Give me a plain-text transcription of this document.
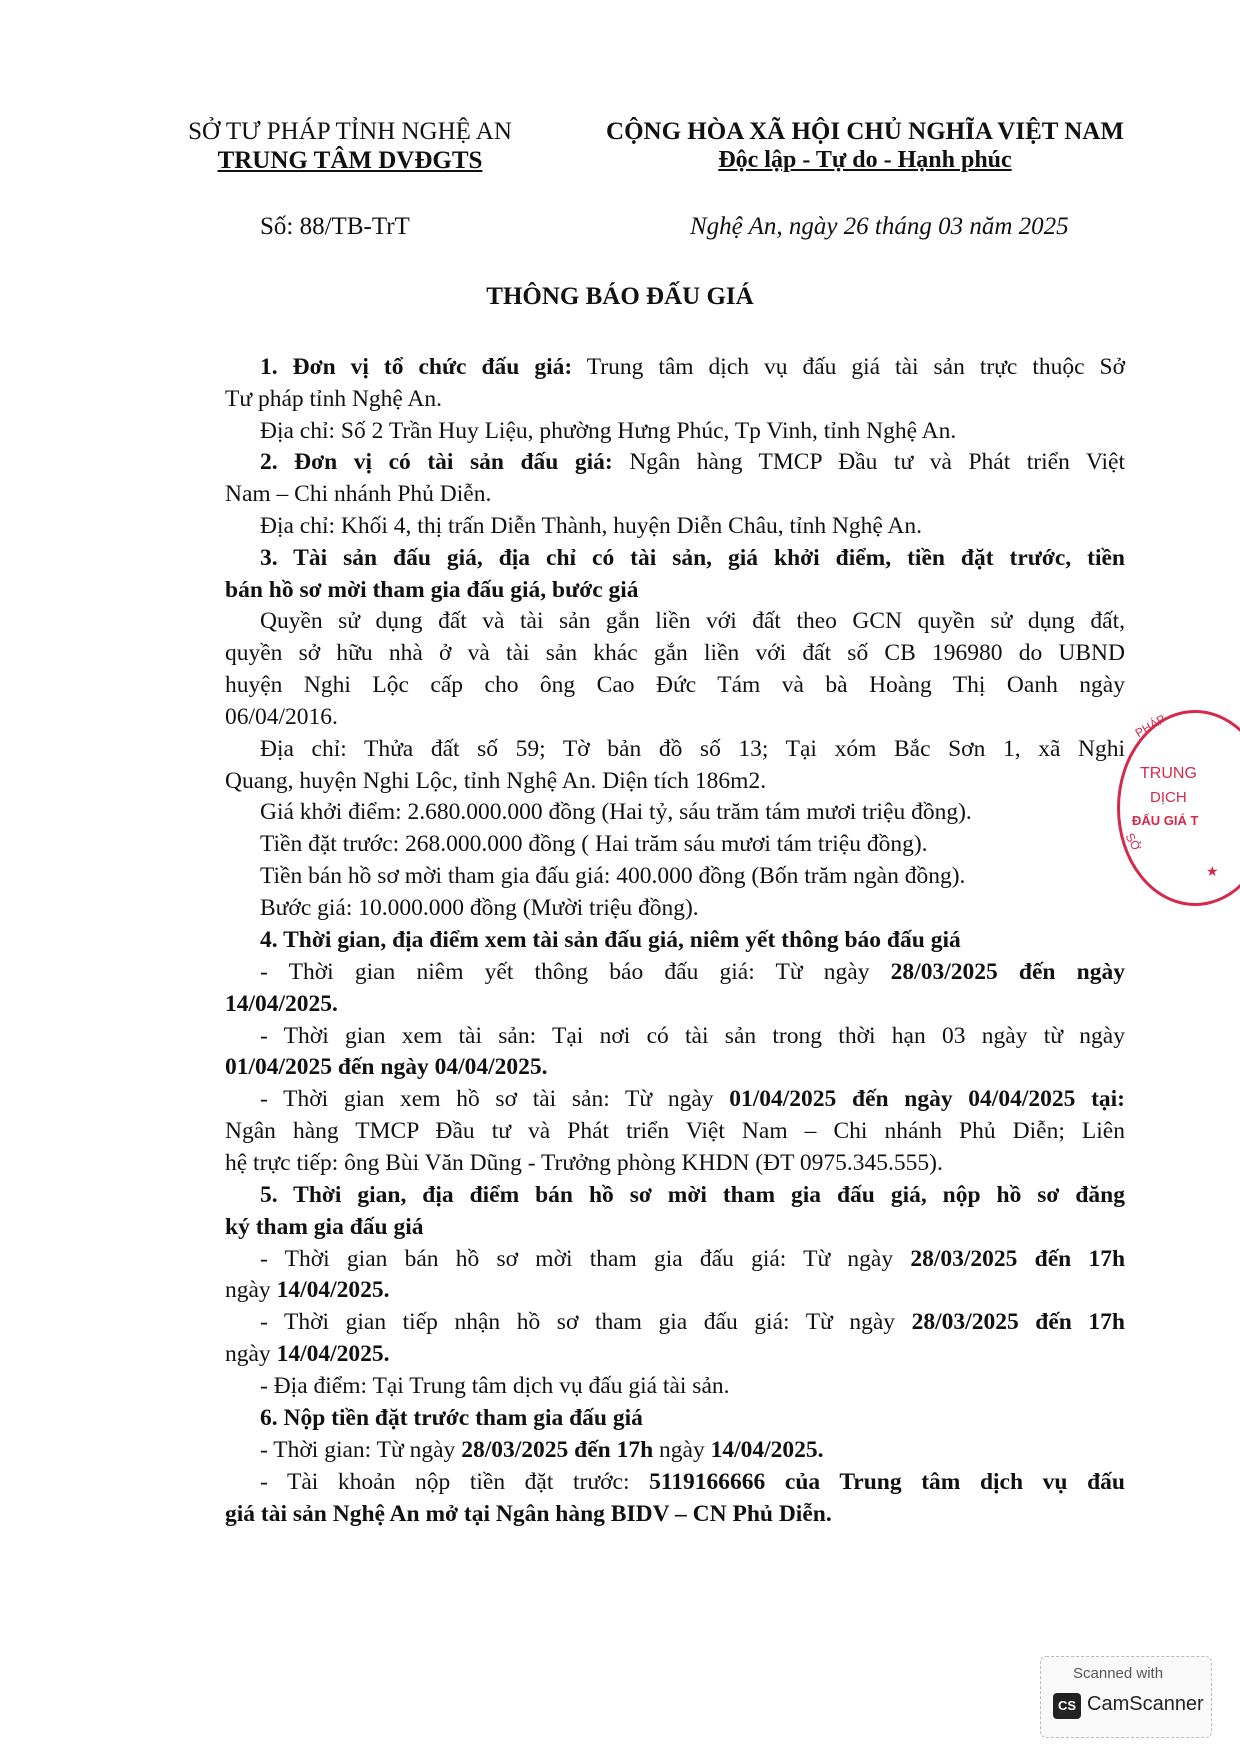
SỞ TƯ PHÁP TỈNH NGHỆ AN
TRUNG TÂM DVĐGTS
CỘNG HÒA XÃ HỘI CHỦ NGHĨA VIỆT NAM
Độc lập - Tự do - Hạnh phúc
Số: 88/TB-TrT	Nghệ An, ngày 26 tháng 03 năm 2025
THÔNG BÁO ĐẤU GIÁ
1. Đơn vị tổ chức đấu giá: Trung tâm dịch vụ đấu giá tài sản trực thuộc Sở
Tư pháp tỉnh Nghệ An.
Địa chỉ: Số 2 Trần Huy Liệu, phường Hưng Phúc, Tp Vinh, tỉnh Nghệ An.
2. Đơn vị có tài sản đấu giá: Ngân hàng TMCP Đầu tư và Phát triển Việt
Nam – Chi nhánh Phủ Diễn.
Địa chỉ: Khối 4, thị trấn Diễn Thành, huyện Diễn Châu, tỉnh Nghệ An.
3. Tài sản đấu giá, địa chỉ có tài sản, giá khởi điểm, tiền đặt trước, tiền
bán hồ sơ mời tham gia đấu giá, bước giá
Quyền sử dụng đất và tài sản gắn liền với đất theo GCN quyền sử dụng đất,
quyền sở hữu nhà ở và tài sản khác gắn liền với đất số CB 196980 do UBND
huyện Nghi Lộc cấp cho ông Cao Đức Tám và bà Hoàng Thị Oanh ngày
06/04/2016.
Địa chỉ: Thửa đất số 59; Tờ bản đồ số 13; Tại xóm Bắc Sơn 1, xã Nghi
Quang, huyện Nghi Lộc, tỉnh Nghệ An. Diện tích 186m2.
Giá khởi điểm: 2.680.000.000 đồng (Hai tỷ, sáu trăm tám mươi triệu đồng).
Tiền đặt trước: 268.000.000 đồng ( Hai trăm sáu mươi tám triệu đồng).
Tiền bán hồ sơ mời tham gia đấu giá: 400.000 đồng (Bốn trăm ngàn đồng).
Bước giá: 10.000.000 đồng (Mười triệu đồng).
4. Thời gian, địa điểm xem tài sản đấu giá, niêm yết thông báo đấu giá
- Thời gian niêm yết thông báo đấu giá: Từ ngày 28/03/2025 đến ngày
14/04/2025.
- Thời gian xem tài sản: Tại nơi có tài sản trong thời hạn 03 ngày từ ngày
01/04/2025 đến ngày 04/04/2025.
- Thời gian xem hồ sơ tài sản: Từ ngày 01/04/2025 đến ngày 04/04/2025 tại:
Ngân hàng TMCP Đầu tư và Phát triển Việt Nam – Chi nhánh Phủ Diễn; Liên
hệ trực tiếp: ông Bùi Văn Dũng - Trưởng phòng KHDN (ĐT 0975.345.555).
5. Thời gian, địa điểm bán hồ sơ mời tham gia đấu giá, nộp hồ sơ đăng
ký tham gia đấu giá
- Thời gian bán hồ sơ mời tham gia đấu giá: Từ ngày 28/03/2025 đến 17h
ngày 14/04/2025.
- Thời gian tiếp nhận hồ sơ tham gia đấu giá: Từ ngày 28/03/2025 đến 17h
ngày 14/04/2025.
- Địa điểm: Tại Trung tâm dịch vụ đấu giá tài sản.
6. Nộp tiền đặt trước tham gia đấu giá
- Thời gian: Từ ngày 28/03/2025 đến 17h ngày 14/04/2025.
- Tài khoản nộp tiền đặt trước: 5119166666 của Trung tâm dịch vụ đấu
giá tài sản Nghệ An mở tại Ngân hàng BIDV – CN Phủ Diễn.
PHÁP
TRUNG
DỊCH
ĐẤU GIÁ T
SỞ
★
Scanned with
CS CamScanner
